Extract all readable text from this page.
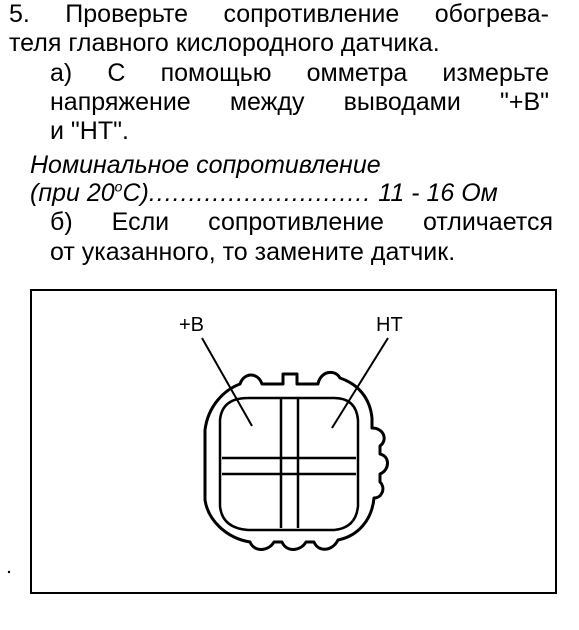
5. Проверьте сопротивление обогрева-
теля главного кислородного датчика.
а) С помощью омметра измерьте
напряжение между выводами "+В"
и "НТ".
Номинальное сопротивление
(при 20$^o$С)............................ 11 - 16 Ом
б) Если сопротивление отличается
от указанного, то замените датчик.
+В	НТ
